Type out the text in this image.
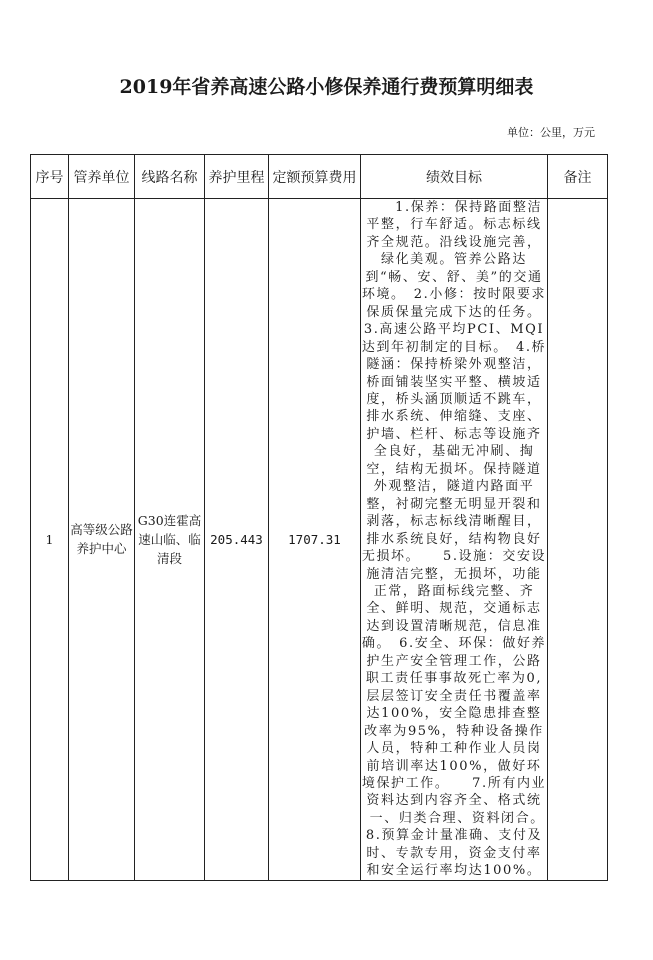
2019年省养高速公路小修保养通行费预算明细表
单位：公里，万元
序号	管养单位	线路名称	养护里程	定额预算费用	绩效目标	备注
1	高等级公路养护中心	G30连霍高速山临、临清段	205.443	1707.31	　　1.保养：保持路面整洁平整，行车舒适。标志标线齐全规范。沿线设施完善，绿化美观。管养公路达到“畅、安、舒、美”的交通环境。　2.小修：按时限要求保质保量完成下达的任务。3.高速公路平均PCI、MQI 达到年初制定的目标。　4.桥隧涵：保持桥梁外观整洁，桥面铺装坚实平整、横坡适度，桥头涵顶顺适不跳车，排水系统、伸缩缝、支座、护墙、栏杆、标志等设施齐全良好，基础无冲刷、掏空，结构无损坏。保持隧道外观整洁，隧道内路面平整，衬砌完整无明显开裂和剥落，标志标线清晰醒目，排水系统良好，结构物良好无损坏。　　5.设施：交安设施清洁完整，无损坏，功能正常，路面标线完整、齐全、鲜明、规范，交通标志达到设置清晰规范，信息准确。　6.安全、环保：做好养护生产安全管理工作，公路职工责任事事故死亡率为0,层层签订安全责任书覆盖率达100%，安全隐患排查整改率为95%，特种设备操作人员，特种工种作业人员岗前培训率达100%，做好环境保护工作。　　7.所有内业资料达到内容齐全、格式统一、归类合理、资料闭合。　　8.预算金计量准确、支付及时、专款专用，资金支付率和安全运行率均达100%。	
